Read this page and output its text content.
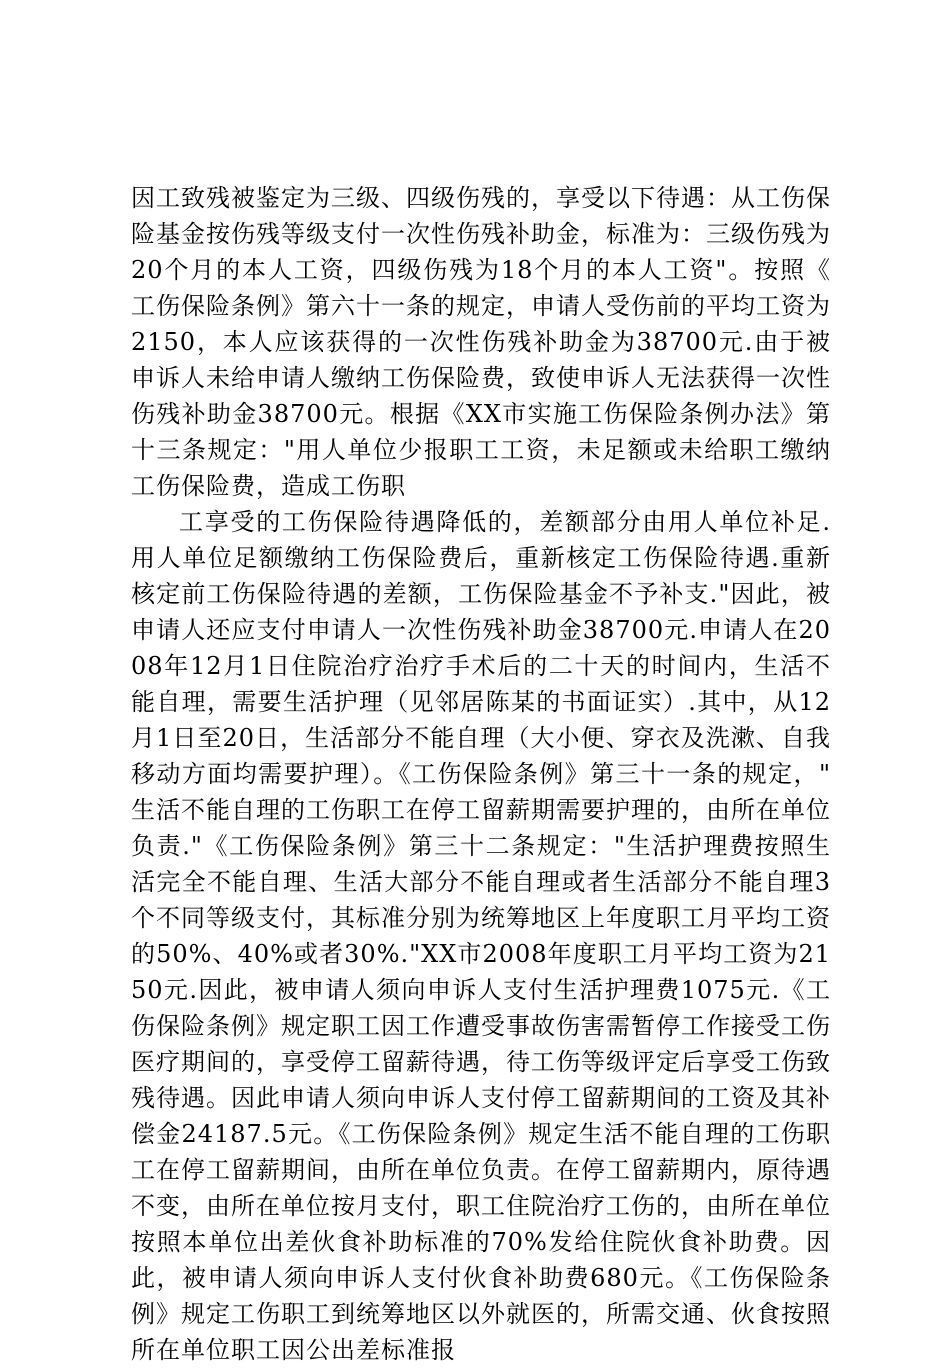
因工致残被鉴定为三级、四级伤残的，享受以下待遇：从工伤保险基金按伤残等级支付一次性伤残补助金，标准为：三级伤残为20个月的本人工资，四级伤残为18个月的本人工资"。按照《工伤保险条例》第六十一条的规定，申请人受伤前的平均工资为2150，本人应该获得的一次性伤残补助金为38700元.由于被申诉人未给申请人缴纳工伤保险费，致使申诉人无法获得一次性伤残补助金38700元。根据《XX市实施工伤保险条例办法》第十三条规定："用人单位少报职工工资，未足额或未给职工缴纳工伤保险费，造成工伤职

工享受的工伤保险待遇降低的，差额部分由用人单位补足.用人单位足额缴纳工伤保险费后，重新核定工伤保险待遇.重新核定前工伤保险待遇的差额，工伤保险基金不予补支."因此，被申请人还应支付申请人一次性伤残补助金38700元.申请人在2008年12月1日住院治疗治疗手术后的二十天的时间内，生活不能自理，需要生活护理（见邻居陈某的书面证实）.其中，从12月1日至20日，生活部分不能自理（大小便、穿衣及洗漱、自我移动方面均需要护理）。《工伤保险条例》第三十一条的规定，"生活不能自理的工伤职工在停工留薪期需要护理的，由所在单位负责."《工伤保险条例》第三十二条规定："生活护理费按照生活完全不能自理、生活大部分不能自理或者生活部分不能自理3个不同等级支付，其标准分别为统筹地区上年度职工月平均工资的50%、40%或者30%."XX市2008年度职工月平均工资为2150元.因此，被申请人须向申诉人支付生活护理费1075元.《工伤保险条例》规定职工因工作遭受事故伤害需暂停工作接受工伤医疗期间的，享受停工留薪待遇，待工伤等级评定后享受工伤致残待遇。因此申请人须向申诉人支付停工留薪期间的工资及其补偿金24187.5元。《工伤保险条例》规定生活不能自理的工伤职工在停工留薪期间，由所在单位负责。在停工留薪期内，原待遇不变，由所在单位按月支付，职工住院治疗工伤的，由所在单位按照本单位出差伙食补助标准的70%发给住院伙食补助费。因此，被申请人须向申诉人支付伙食补助费680元。《工伤保险条例》规定工伤职工到统筹地区以外就医的，所需交通、伙食按照所在单位职工因公出差标准报
